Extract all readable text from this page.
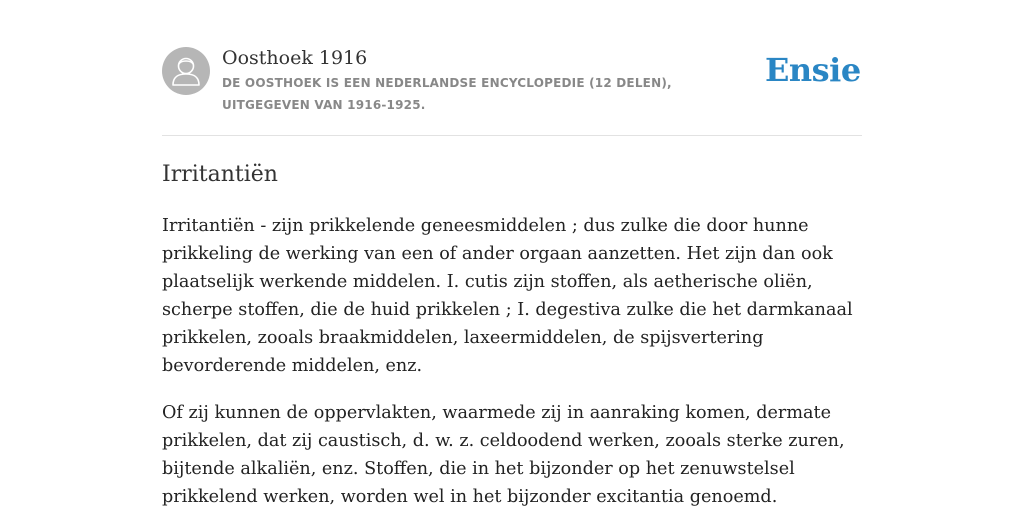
Oosthoek 1916
DE OOSTHOEK IS EEN NEDERLANDSE ENCYCLOPEDIE (12 DELEN), UITGEGEVEN VAN 1916-1925.
Ensie
Irritantiën

Irritantiën - zijn prikkelende geneesmiddelen ; dus zulke die door hunne prikkeling de werking van een of ander orgaan aanzetten. Het zijn dan ook plaatselijk werkende middelen. I. cutis zijn stoffen, als aetherische oliën, scherpe stoffen, die de huid prikkelen ; I. degestiva zulke die het darmkanaal prikkelen, zooals braakmiddelen, laxeermiddelen, de spijsvertering bevorderende middelen, enz.

Of zij kunnen de oppervlakten, waarmede zij in aanraking komen, dermate prikkelen, dat zij caustisch, d. w. z. celdoodend werken, zooals sterke zuren, bijtende alkaliën, enz. Stoffen, die in het bijzonder op het zenuwstelsel prikkelend werken, worden wel in het bijzonder excitantia genoemd.
